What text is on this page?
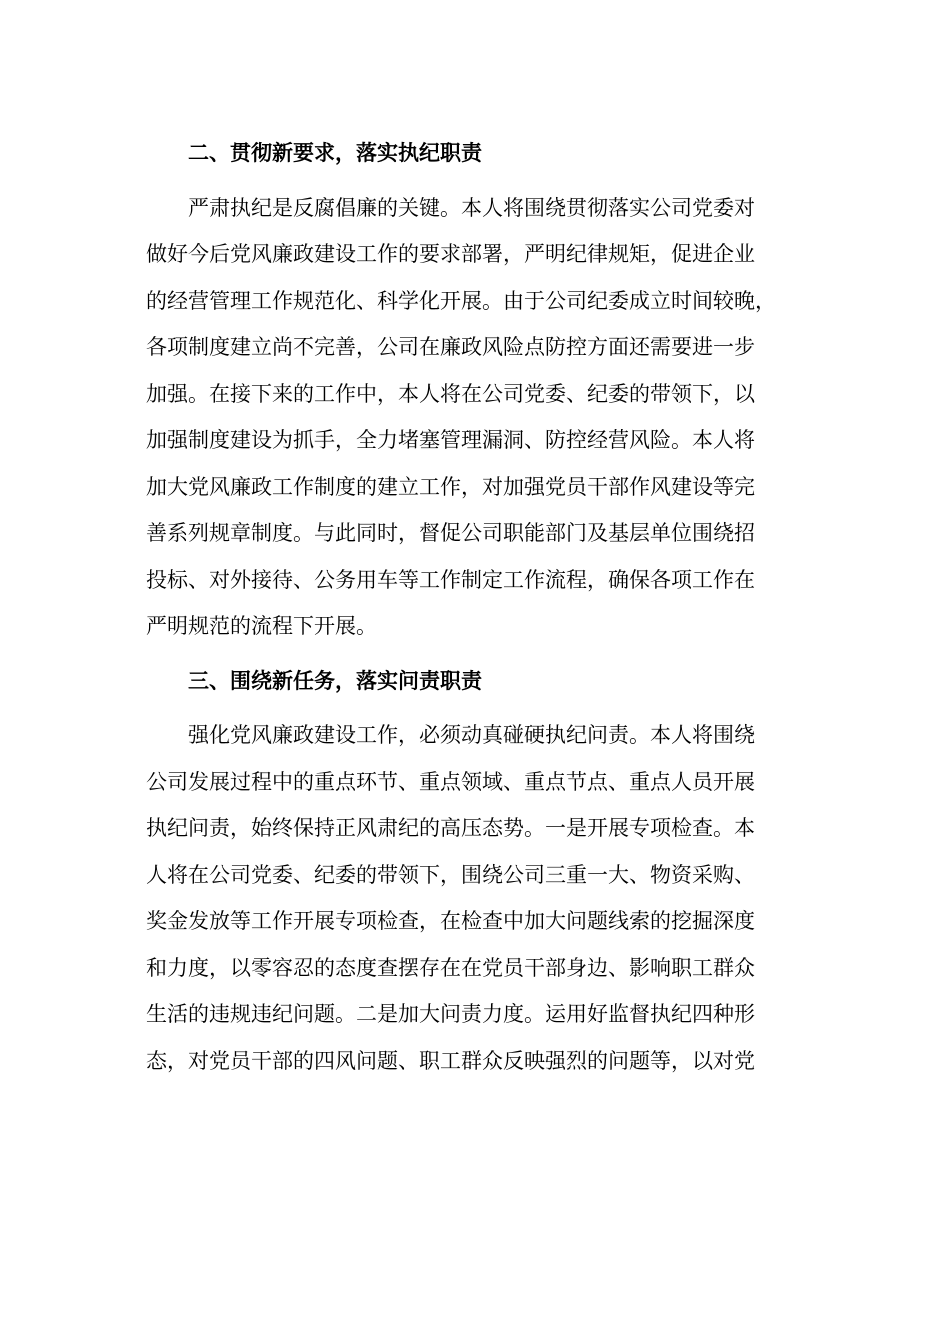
二、贯彻新要求，落实执纪职责

严肃执纪是反腐倡廉的关键。本人将围绕贯彻落实公司党委对
做好今后党风廉政建设工作的要求部署，严明纪律规矩，促进企业
的经营管理工作规范化、科学化开展。由于公司纪委成立时间较晚，
各项制度建立尚不完善，公司在廉政风险点防控方面还需要进一步
加强。在接下来的工作中，本人将在公司党委、纪委的带领下，以
加强制度建设为抓手，全力堵塞管理漏洞、防控经营风险。本人将
加大党风廉政工作制度的建立工作，对加强党员干部作风建设等完
善系列规章制度。与此同时，督促公司职能部门及基层单位围绕招
投标、对外接待、公务用车等工作制定工作流程，确保各项工作在
严明规范的流程下开展。

三、围绕新任务，落实问责职责

强化党风廉政建设工作，必须动真碰硬执纪问责。本人将围绕
公司发展过程中的重点环节、重点领域、重点节点、重点人员开展
执纪问责，始终保持正风肃纪的高压态势。一是开展专项检查。本
人将在公司党委、纪委的带领下，围绕公司三重一大、物资采购、
奖金发放等工作开展专项检查，在检查中加大问题线索的挖掘深度
和力度，以零容忍的态度查摆存在在党员干部身边、影响职工群众
生活的违规违纪问题。二是加大问责力度。运用好监督执纪四种形
态，对党员干部的四风问题、职工群众反映强烈的问题等，以对党
